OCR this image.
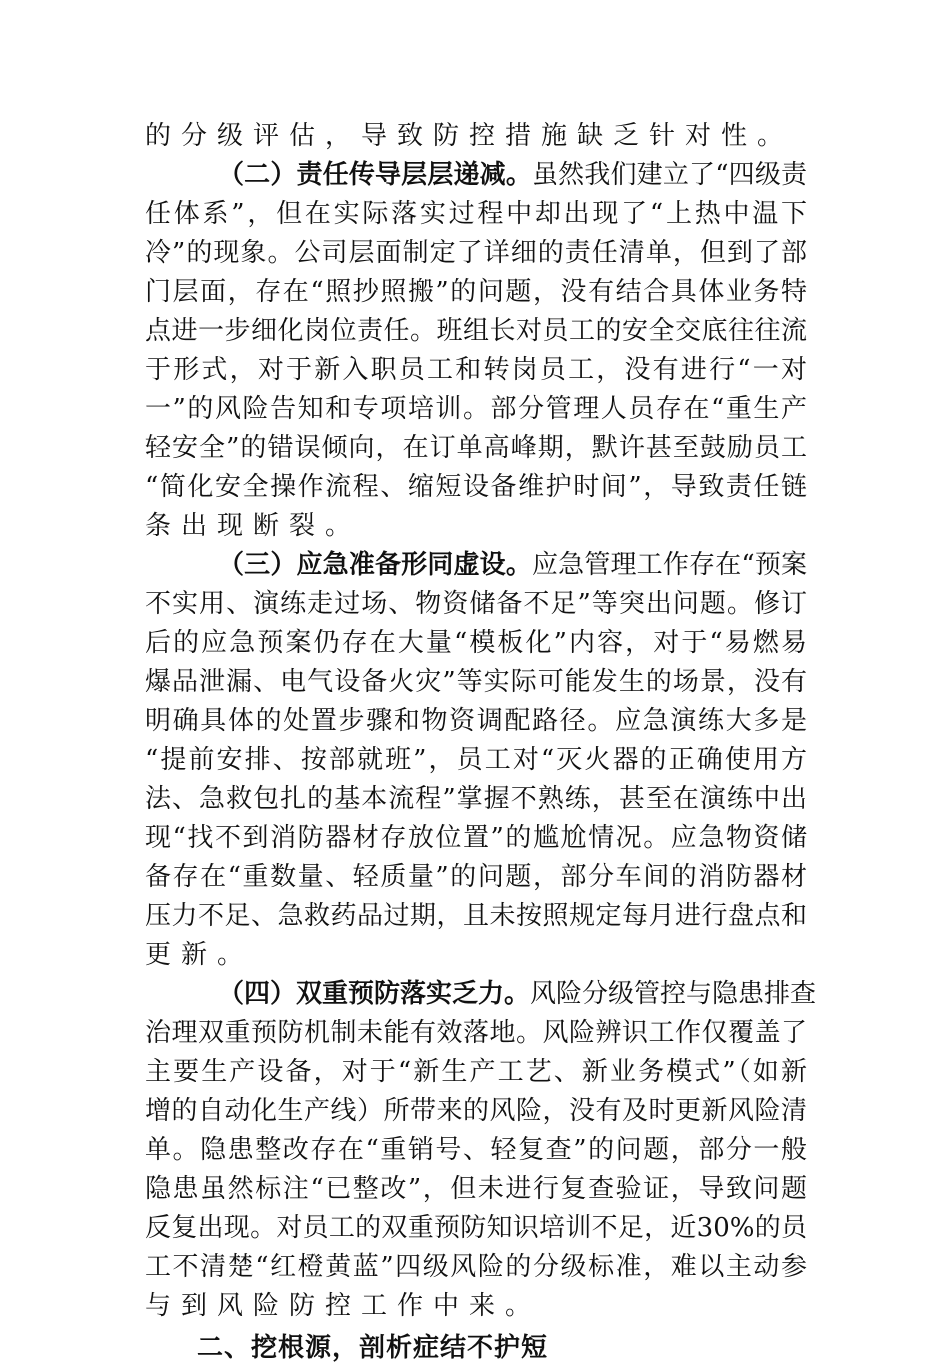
的分级评估，导致防控措施缺乏针对性。
（二）责任传导层层递减。虽然我们建立了“四级责
任体系”，但在实际落实过程中却出现了“上热中温下
冷”的现象。公司层面制定了详细的责任清单，但到了部
门层面，存在“照抄照搬”的问题，没有结合具体业务特
点进一步细化岗位责任。班组长对员工的安全交底往往流
于形式，对于新入职员工和转岗员工，没有进行“一对
一”的风险告知和专项培训。部分管理人员存在“重生产
轻安全”的错误倾向，在订单高峰期，默许甚至鼓励员工
“简化安全操作流程、缩短设备维护时间”，导致责任链
条出现断裂。
（三）应急准备形同虚设。应急管理工作存在“预案
不实用、演练走过场、物资储备不足”等突出问题。修订
后的应急预案仍存在大量“模板化”内容，对于“易燃易
爆品泄漏、电气设备火灾”等实际可能发生的场景，没有
明确具体的处置步骤和物资调配路径。应急演练大多是
“提前安排、按部就班”，员工对“灭火器的正确使用方
法、急救包扎的基本流程”掌握不熟练，甚至在演练中出
现“找不到消防器材存放位置”的尴尬情况。应急物资储
备存在“重数量、轻质量”的问题，部分车间的消防器材
压力不足、急救药品过期，且未按照规定每月进行盘点和
更新。
（四）双重预防落实乏力。风险分级管控与隐患排查
治理双重预防机制未能有效落地。风险辨识工作仅覆盖了
主要生产设备，对于“新生产工艺、新业务模式”（如新
增的自动化生产线）所带来的风险，没有及时更新风险清
单。隐患整改存在“重销号、轻复查”的问题，部分一般
隐患虽然标注“已整改”，但未进行复查验证，导致问题
反复出现。对员工的双重预防知识培训不足，近30%的员
工不清楚“红橙黄蓝”四级风险的分级标准，难以主动参
与到风险防控工作中来。
二、挖根源，剖析症结不护短
